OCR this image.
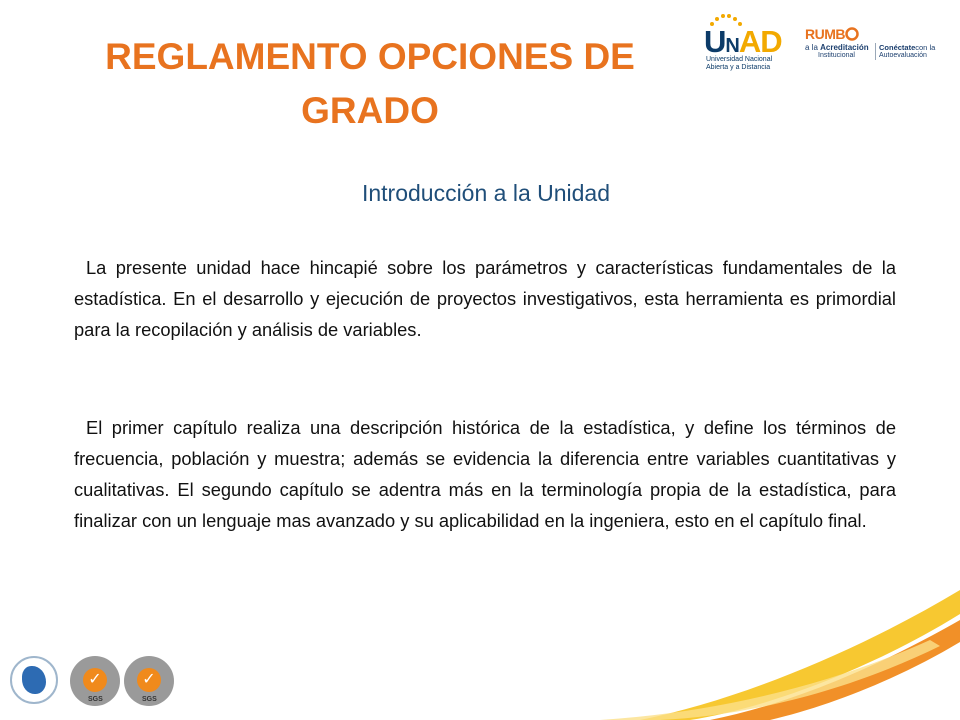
REGLAMENTO OPCIONES DE
GRADO
UNAD
Universidad Nacional
Abierta y a Distancia
RUMB
a la Acreditación
Institucional
Conéctatecon la
Autoevaluación
Introducción a la Unidad

La presente unidad hace hincapié sobre los parámetros y características fundamentales de la estadística. En el desarrollo y ejecución de proyectos investigativos, esta herramienta es primordial para la recopilación y análisis de variables.

El primer capítulo realiza una descripción histórica de la estadística, y define los términos de frecuencia, población y muestra; además se evidencia la diferencia entre variables cuantitativas y cualitativas. El segundo capítulo se adentra más en la terminología propia de la estadística, para finalizar con un lenguaje mas avanzado y su aplicabilidad en la ingeniera, esto en el capítulo final.

✓
SGS
✓
SGS
